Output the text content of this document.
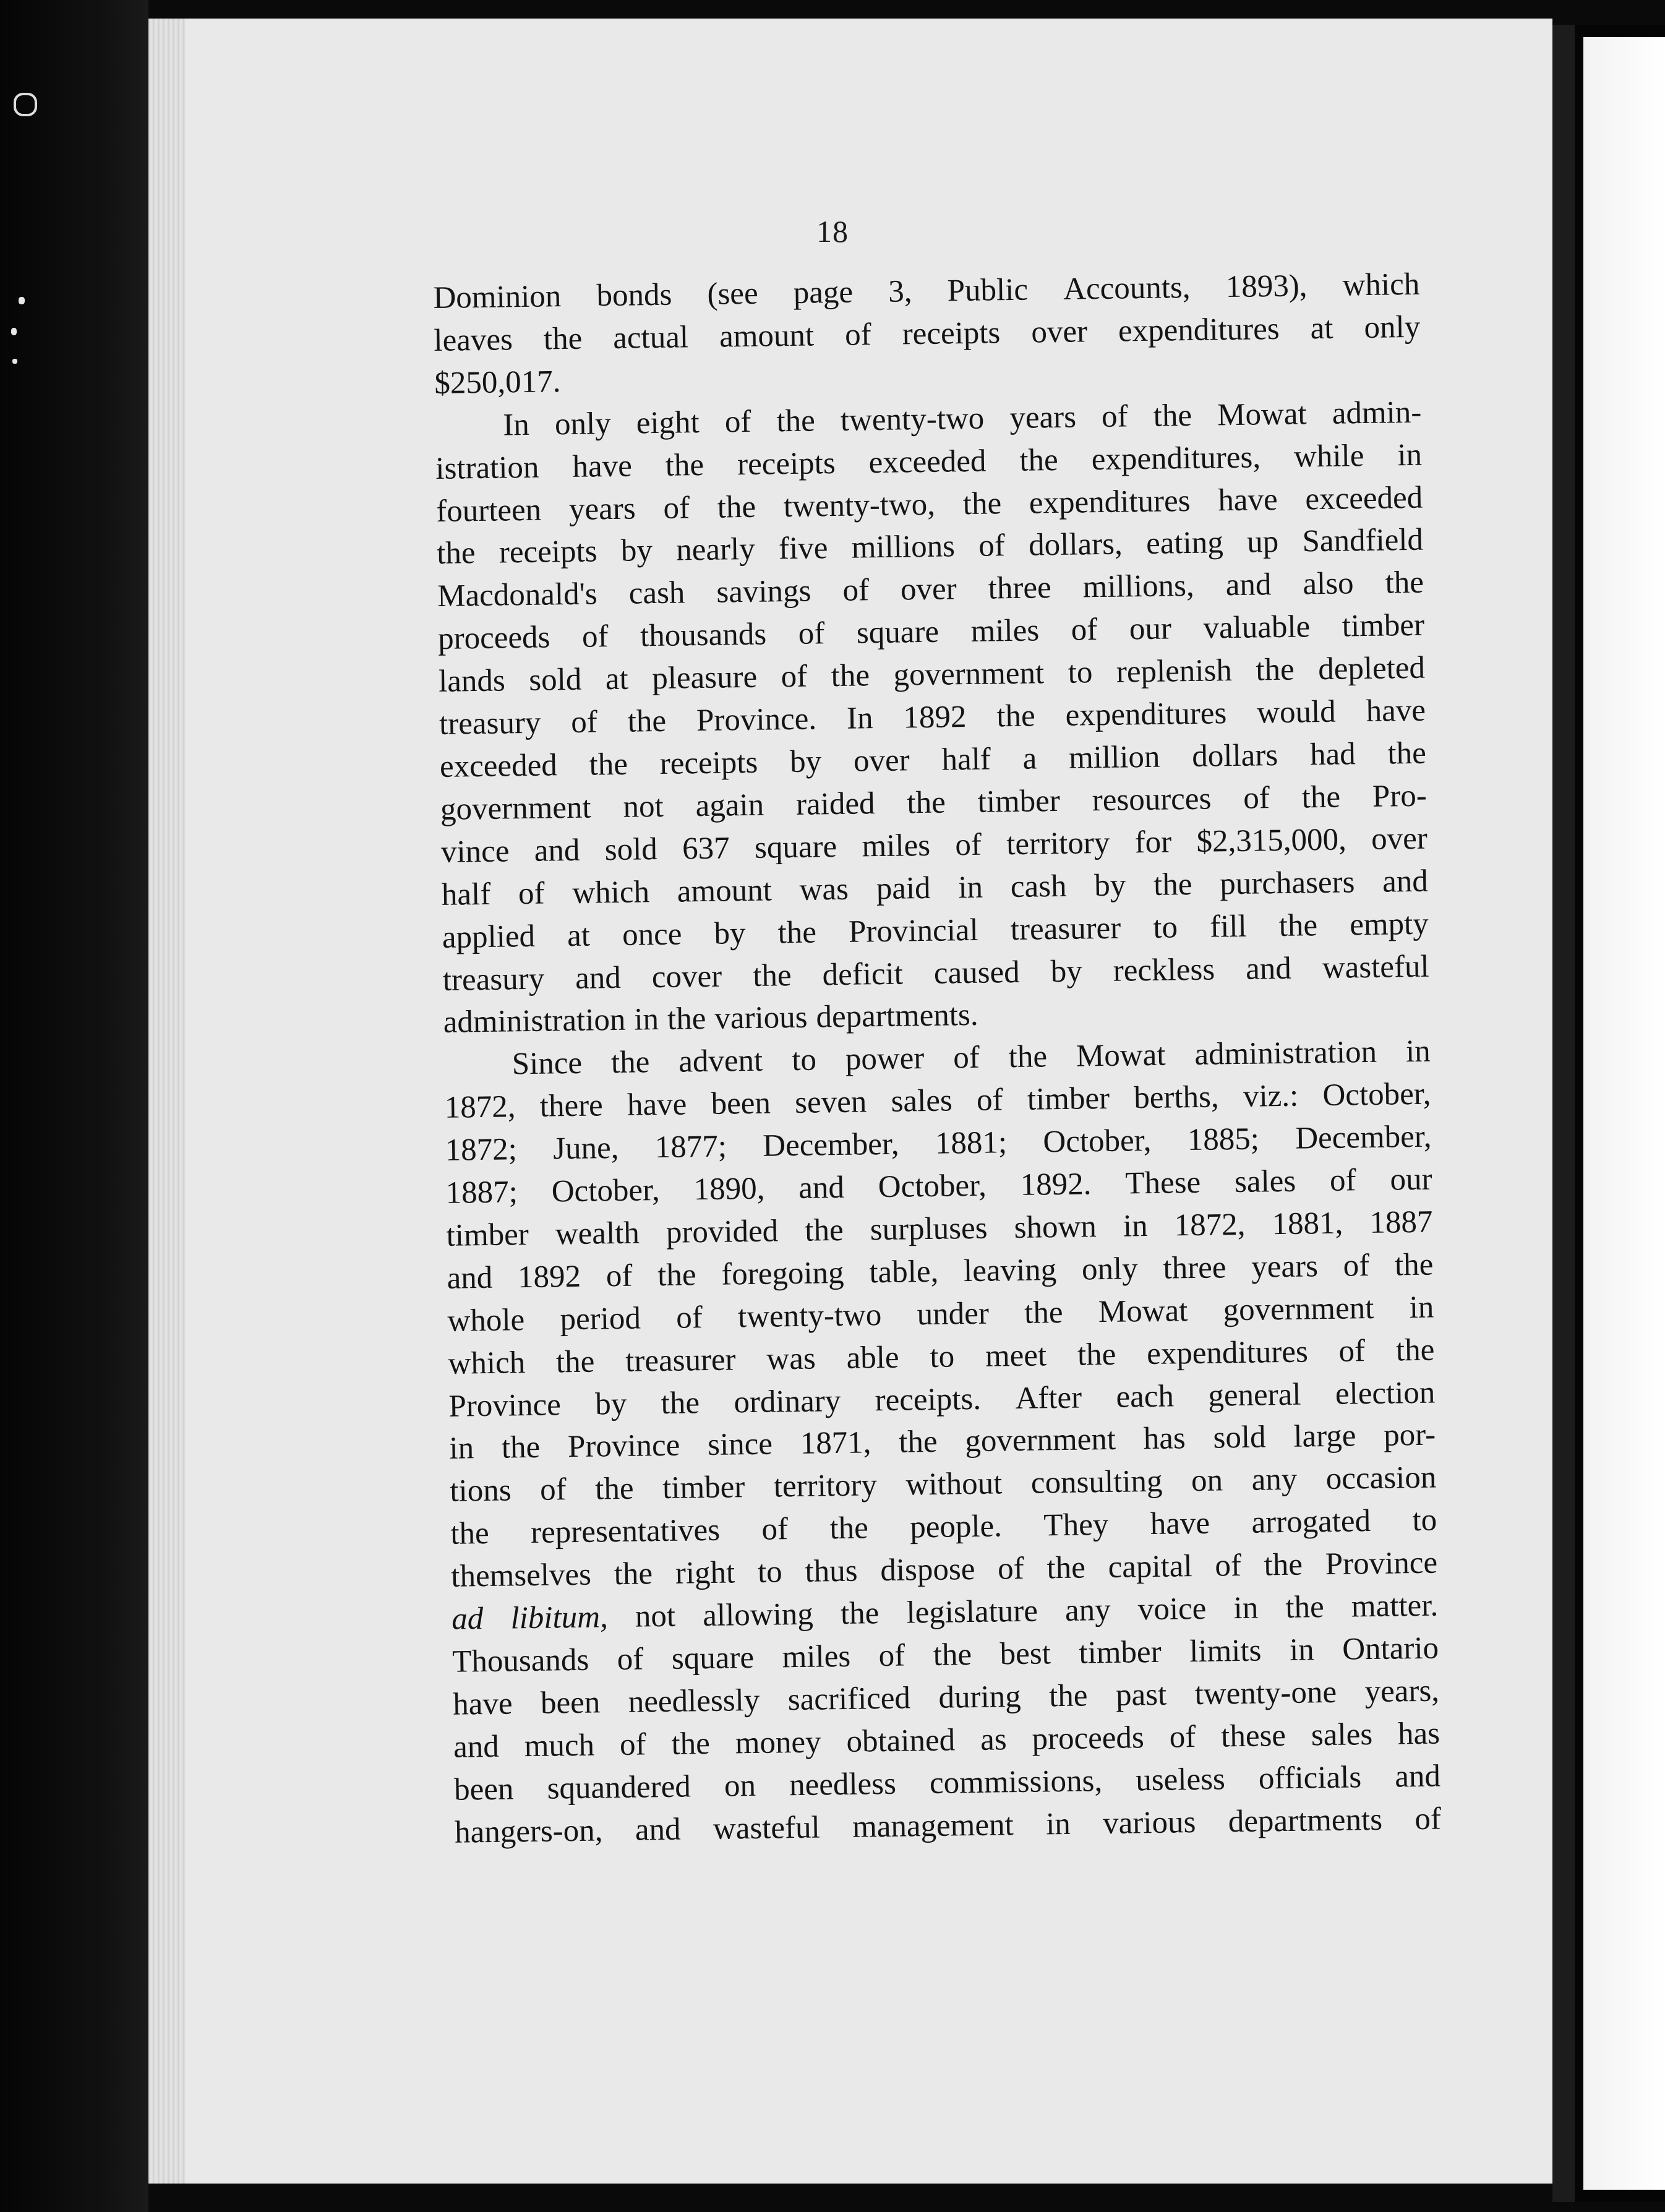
18
Dominion bonds (see page 3, Public Accounts, 1893), which
leaves the actual amount of receipts over expenditures at only
$250,017.
In only eight of the twenty-two years of the Mowat admin-
istration have the receipts exceeded the expenditures, while in
fourteen years of the twenty-two, the expenditures have exceeded
the receipts by nearly five millions of dollars, eating up Sandfield
Macdonald's cash savings of over three millions, and also the
proceeds of thousands of square miles of our valuable timber
lands sold at pleasure of the government to replenish the depleted
treasury of the Province. In 1892 the expenditures would have
exceeded the receipts by over half a million dollars had the
government not again raided the timber resources of the Pro-
vince and sold 637 square miles of territory for $2,315,000, over
half of which amount was paid in cash by the purchasers and
applied at once by the Provincial treasurer to fill the empty
treasury and cover the deficit caused by reckless and wasteful
administration in the various departments.
Since the advent to power of the Mowat administration in
1872, there have been seven sales of timber berths, viz.: October,
1872; June, 1877; December, 1881; October, 1885; December,
1887; October, 1890, and October, 1892. These sales of our
timber wealth provided the surpluses shown in 1872, 1881, 1887
and 1892 of the foregoing table, leaving only three years of the
whole period of twenty-two under the Mowat government in
which the treasurer was able to meet the expenditures of the
Province by the ordinary receipts. After each general election
in the Province since 1871, the government has sold large por-
tions of the timber territory without consulting on any occasion
the representatives of the people. They have arrogated to
themselves the right to thus dispose of the capital of the Province
ad libitum, not allowing the legislature any voice in the matter.
Thousands of square miles of the best timber limits in Ontario
have been needlessly sacrificed during the past twenty-one years,
and much of the money obtained as proceeds of these sales has
been squandered on needless commissions, useless officials and
hangers-on, and wasteful management in various departments of
